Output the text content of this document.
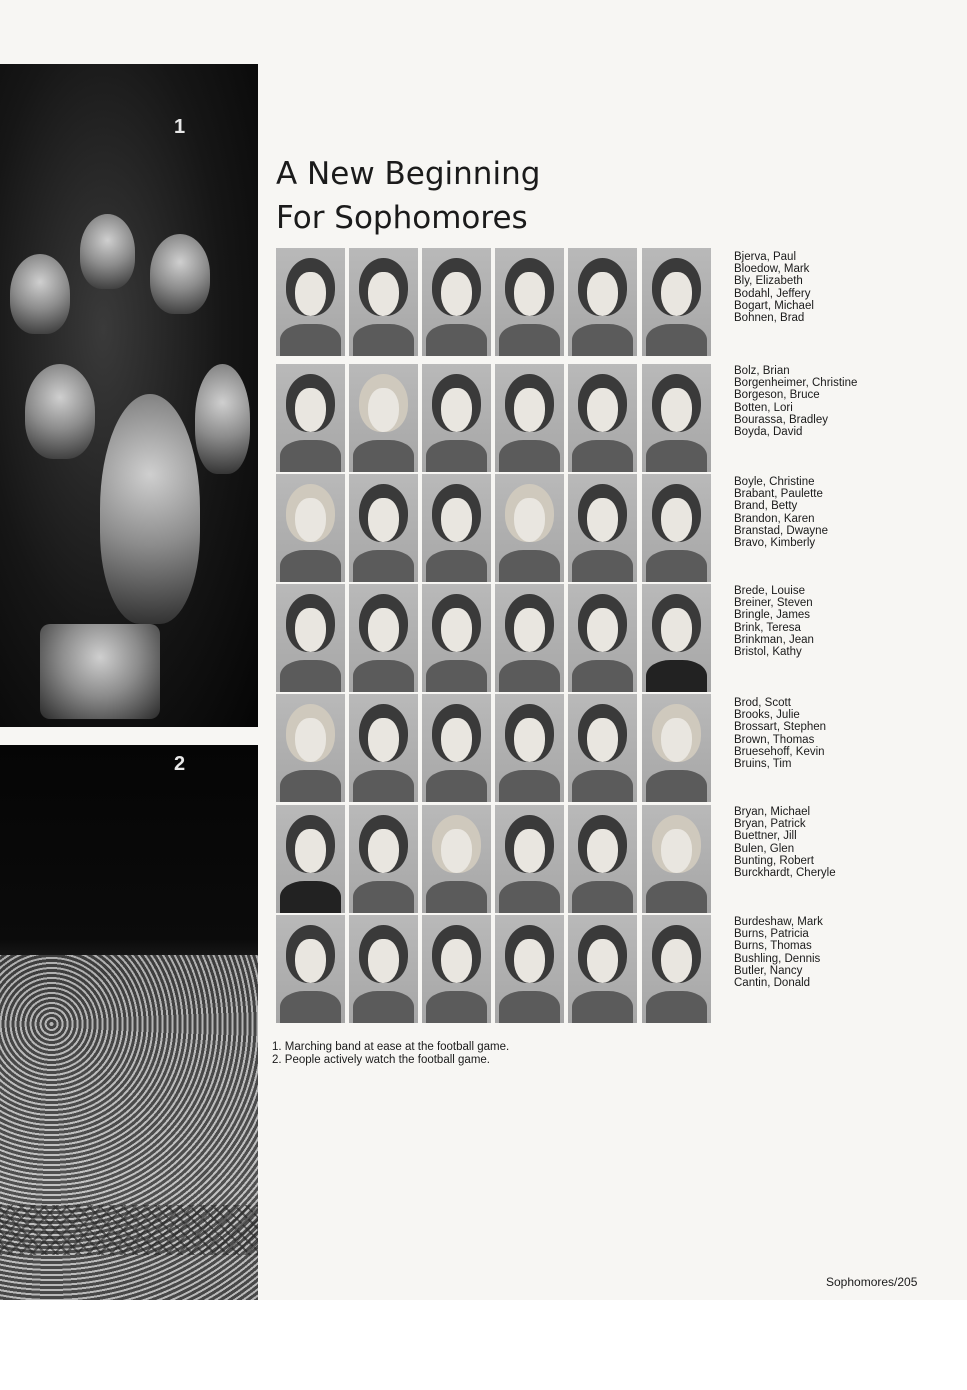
1
2
A New Beginning
For Sophomores
Bjerva, Paul
Bloedow, Mark
Bly, Elizabeth
Bodahl, Jeffery
Bogart, Michael
Bohnen, Brad
Bolz, Brian
Borgenheimer, Christine
Borgeson, Bruce
Botten, Lori
Bourassa, Bradley
Boyda, David
Boyle, Christine
Brabant, Paulette
Brand, Betty
Brandon, Karen
Branstad, Dwayne
Bravo, Kimberly
Brede, Louise
Breiner, Steven
Bringle, James
Brink, Teresa
Brinkman, Jean
Bristol, Kathy
Brod, Scott
Brooks, Julie
Brossart, Stephen
Brown, Thomas
Bruesehoff, Kevin
Bruins, Tim
Bryan, Michael
Bryan, Patrick
Buettner, Jill
Bulen, Glen
Bunting, Robert
Burckhardt, Cheryle
Burdeshaw, Mark
Burns, Patricia
Burns, Thomas
Bushling, Dennis
Butler, Nancy
Cantin, Donald
1. Marching band at ease at the football game.
2. People actively watch the football game.
Sophomores/205
